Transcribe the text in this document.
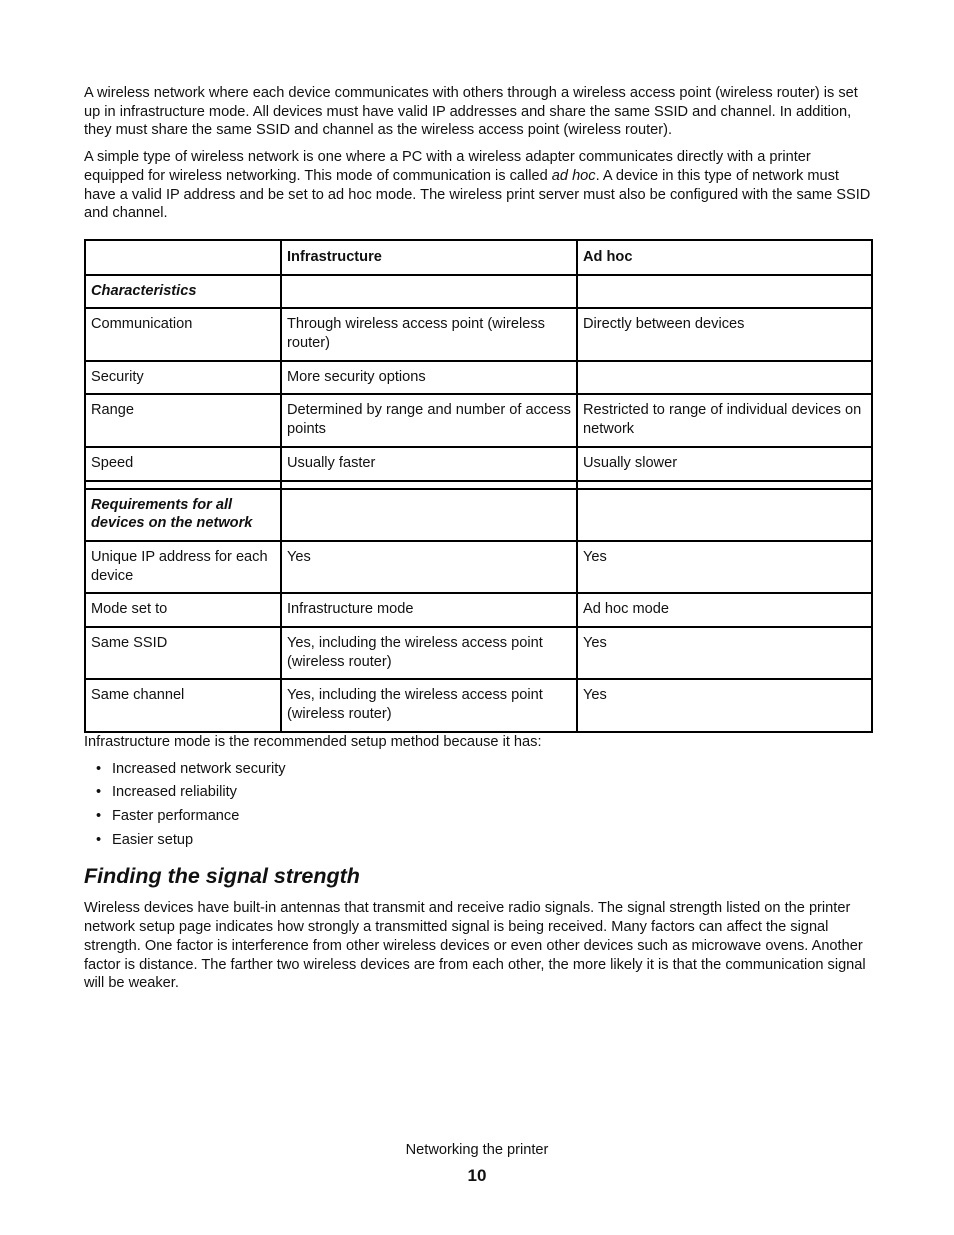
A wireless network where each device communicates with others through a wireless access point (wireless router) is set up in infrastructure mode. All devices must have valid IP addresses and share the same SSID and channel. In addition, they must share the same SSID and channel as the wireless access point (wireless router).

A simple type of wireless network is one where a PC with a wireless adapter communicates directly with a printer equipped for wireless networking. This mode of communication is called ad hoc. A device in this type of network must have a valid IP address and be set to ad hoc mode. The wireless print server must also be configured with the same SSID and channel.

	Infrastructure	Ad hoc
Characteristics		
Communication	Through wireless access point (wireless router)	Directly between devices
Security	More security options	
Range	Determined by range and number of access points	Restricted to range of individual devices on network
Speed	Usually faster	Usually slower

Requirements for all devices on the network		
Unique IP address for each device	Yes	Yes
Mode set to	Infrastructure mode	Ad hoc mode
Same SSID	Yes, including the wireless access point (wireless router)	Yes
Same channel	Yes, including the wireless access point (wireless router)	Yes

Infrastructure mode is the recommended setup method because it has:

• Increased network security
• Increased reliability
• Faster performance
• Easier setup
Finding the signal strength

Wireless devices have built-in antennas that transmit and receive radio signals. The signal strength listed on the printer network setup page indicates how strongly a transmitted signal is being received. Many factors can affect the signal strength. One factor is interference from other wireless devices or even other devices such as microwave ovens. Another factor is distance. The farther two wireless devices are from each other, the more likely it is that the communication signal will be weaker.

Networking the printer
10
